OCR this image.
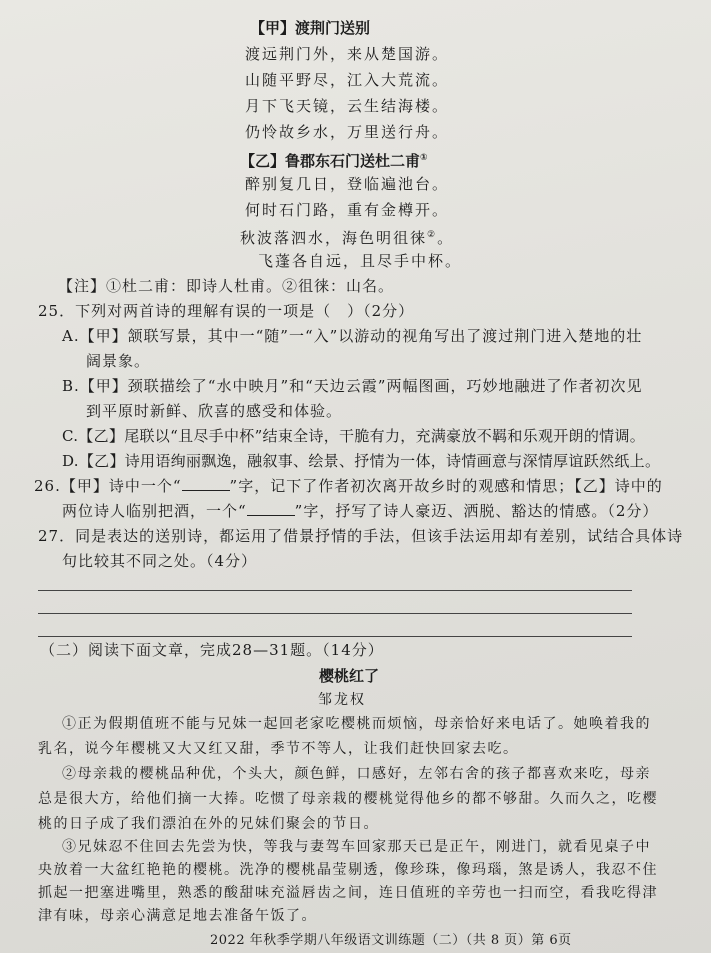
【甲】渡荆门送别
渡远荆门外，来从楚国游。
山随平野尽，江入大荒流。
月下飞天镜，云生结海楼。
仍怜故乡水，万里送行舟。
【乙】鲁郡东石门送杜二甫①
醉别复几日，登临遍池台。
何时石门路，重有金樽开。
秋波落泗水，海色明徂徕②。
飞蓬各自远，且尽手中杯。
【注】①杜二甫：即诗人杜甫。②徂徕：山名。
25．下列对两首诗的理解有误的一项是（　）（2分）
A.【甲】颔联写景，其中一“随”一“入”以游动的视角写出了渡过荆门进入楚地的壮
阔景象。
B.【甲】颈联描绘了“水中映月”和“天边云霞”两幅图画，巧妙地融进了作者初次见
到平原时新鲜、欣喜的感受和体验。
C.【乙】尾联以“且尽手中杯”结束全诗，干脆有力，充满豪放不羁和乐观开朗的情调。
D.【乙】诗用语绚丽飘逸，融叙事、绘景、抒情为一体，诗情画意与深情厚谊跃然纸上。
26.【甲】诗中一个“	”字，记下了作者初次离开故乡时的观感和情思；【乙】诗中的
两位诗人临别把酒，一个“	”字，抒写了诗人豪迈、洒脱、豁达的情感。（2分）
27．同是表达的送别诗，都运用了借景抒情的手法，但该手法运用却有差别，试结合具体诗
句比较其不同之处。（4分）
（二）阅读下面文章，完成28—31题。（14分）
樱桃红了
邹龙权
①正为假期值班不能与兄妹一起回老家吃樱桃而烦恼，母亲恰好来电话了。她唤着我的
乳名，说今年樱桃又大又红又甜，季节不等人，让我们赶快回家去吃。
②母亲栽的樱桃品种优，个头大，颜色鲜，口感好，左邻右舍的孩子都喜欢来吃，母亲
总是很大方，给他们摘一大捧。吃惯了母亲栽的樱桃觉得他乡的都不够甜。久而久之，吃樱
桃的日子成了我们漂泊在外的兄妹们聚会的节日。
③兄妹忍不住回去先尝为快，等我与妻驾车回家那天已是正午，刚进门，就看见桌子中
央放着一大盆红艳艳的樱桃。洗净的樱桃晶莹剔透，像珍珠，像玛瑙，煞是诱人，我忍不住
抓起一把塞进嘴里，熟悉的酸甜味充溢唇齿之间，连日值班的辛劳也一扫而空，看我吃得津
2022 年秋季学期八年级语文训练题（二）（共 8 页）第 6页
津有味，母亲心满意足地去准备午饭了。
